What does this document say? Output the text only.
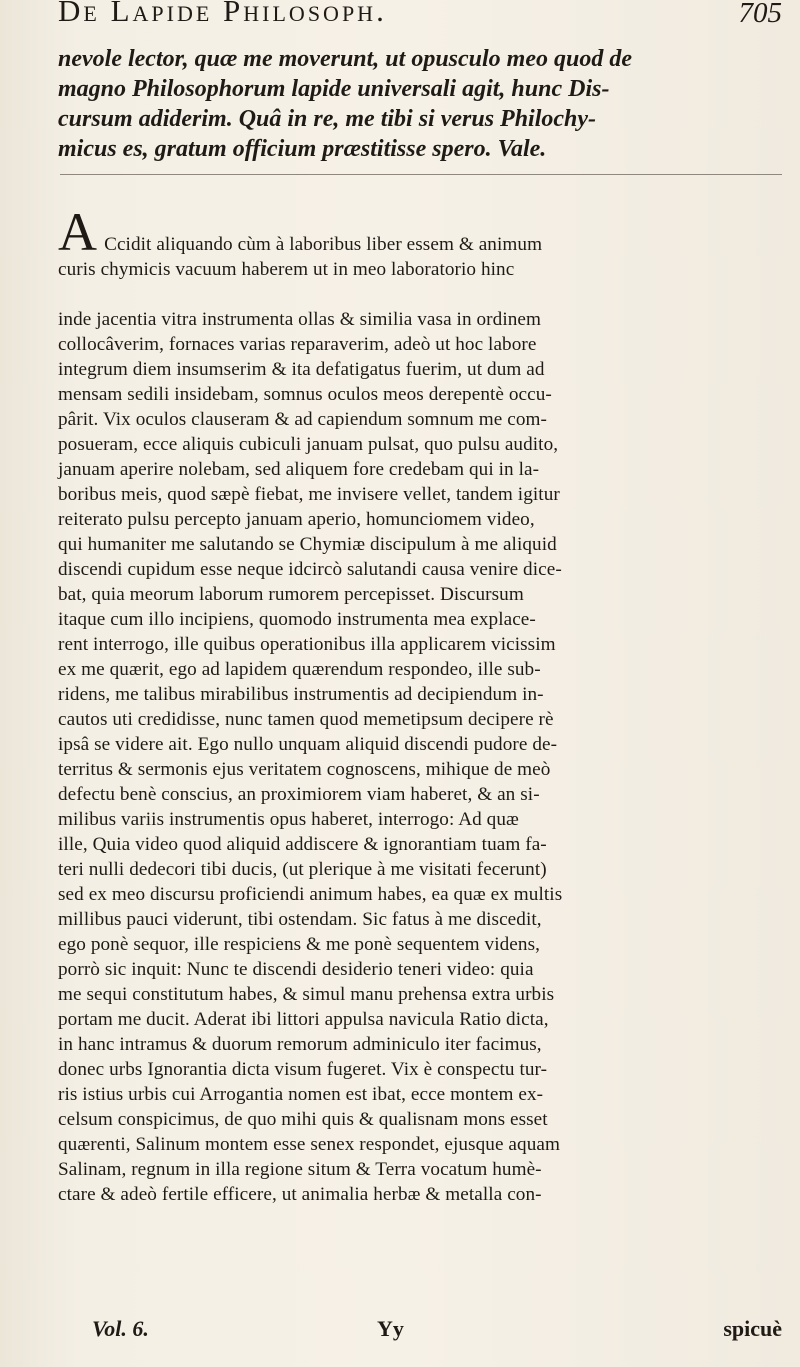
De Lapide Philosoph.	705
nevole lector, quæ me moverunt, ut opusculo meo quod de
magno Philosophorum lapide universali agit, hunc Dis-
cursum adiderim. Quâ in re, me tibi si verus Philochy-
micus es, gratum officium præstitisse spero. Vale.

A Ccidit aliquando cùm à laboribus liber essem & animum
curis chymicis vacuum haberem ut in meo laboratorio hinc

inde jacentia vitra instrumenta ollas & similia vasa in ordinem
collocâverim, fornaces varias reparaverim, adeò ut hoc labore
integrum diem insumserim & ita defatigatus fuerim, ut dum ad
mensam sedili insidebam, somnus oculos meos derepentè occu-
pârit. Vix oculos clauseram & ad capiendum somnum me com-
posueram, ecce aliquis cubiculi januam pulsat, quo pulsu audito,
januam aperire nolebam, sed aliquem fore credebam qui in la-
boribus meis, quod sæpè fiebat, me invisere vellet, tandem igitur
reiterato pulsu percepto januam aperio, homunciomem video,
qui humaniter me salutando se Chymiæ discipulum à me aliquid
discendi cupidum esse neque idcircò salutandi causa venire dice-
bat, quia meorum laborum rumorem percepisset. Discursum
itaque cum illo incipiens, quomodo instrumenta mea explace-
rent interrogo, ille quibus operationibus illa applicarem vicissim
ex me quærit, ego ad lapidem quærendum respondeo, ille sub-
ridens, me talibus mirabilibus instrumentis ad decipiendum in-
cautos uti credidisse, nunc tamen quod memetipsum decipere rè
ipsâ se videre ait. Ego nullo unquam aliquid discendi pudore de-
territus & sermonis ejus veritatem cognoscens, mihique de meò
defectu benè conscius, an proximiorem viam haberet, & an si-
milibus variis instrumentis opus haberet, interrogo: Ad quæ
ille, Quia video quod aliquid addiscere & ignorantiam tuam fa-
teri nulli dedecori tibi ducis, (ut plerique à me visitati fecerunt)
sed ex meo discursu proficiendi animum habes, ea quæ ex multis
millibus pauci viderunt, tibi ostendam. Sic fatus à me discedit,
ego ponè sequor, ille respiciens & me ponè sequentem videns,
porrò sic inquit: Nunc te discendi desiderio teneri video: quia
me sequi constitutum habes, & simul manu prehensa extra urbis
portam me ducit. Aderat ibi littori appulsa navicula Ratio dicta,
in hanc intramus & duorum remorum adminiculo iter facimus,
donec urbs Ignorantia dicta visum fugeret. Vix è conspectu tur-
ris istius urbis cui Arrogantia nomen est ibat, ecce montem ex-
celsum conspicimus, de quo mihi quis & qualisnam mons esset
quærenti, Salinum montem esse senex respondet, ejusque aquam
Salinam, regnum in illa regione situm & Terra vocatum humè-
ctare & adeò fertile efficere, ut animalia herbæ & metalla con-

Vol. 6.	Yy	spicuè
